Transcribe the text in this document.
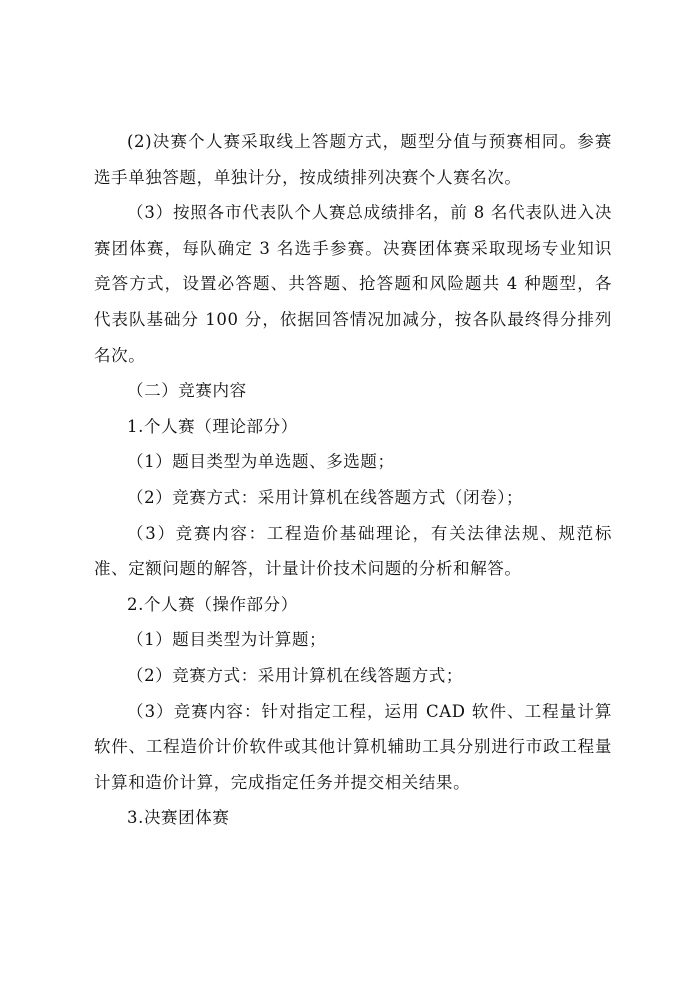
(2)决赛个人赛采取线上答题方式，题型分值与预赛相同。参赛选手单独答题，单独计分，按成绩排列决赛个人赛名次。

（3）按照各市代表队个人赛总成绩排名，前 8 名代表队进入决赛团体赛，每队确定 3 名选手参赛。决赛团体赛采取现场专业知识竞答方式，设置必答题、共答题、抢答题和风险题共 4 种题型，各代表队基础分 100 分，依据回答情况加减分，按各队最终得分排列名次。

（二）竞赛内容

1.个人赛（理论部分）

（1）题目类型为单选题、多选题；

（2）竞赛方式：采用计算机在线答题方式（闭卷）；

（3）竞赛内容：工程造价基础理论，有关法律法规、规范标准、定额问题的解答，计量计价技术问题的分析和解答。

2.个人赛（操作部分）

（1）题目类型为计算题；

（2）竞赛方式：采用计算机在线答题方式；

（3）竞赛内容：针对指定工程，运用 CAD 软件、工程量计算软件、工程造价计价软件或其他计算机辅助工具分别进行市政工程量计算和造价计算，完成指定任务并提交相关结果。

3.决赛团体赛
